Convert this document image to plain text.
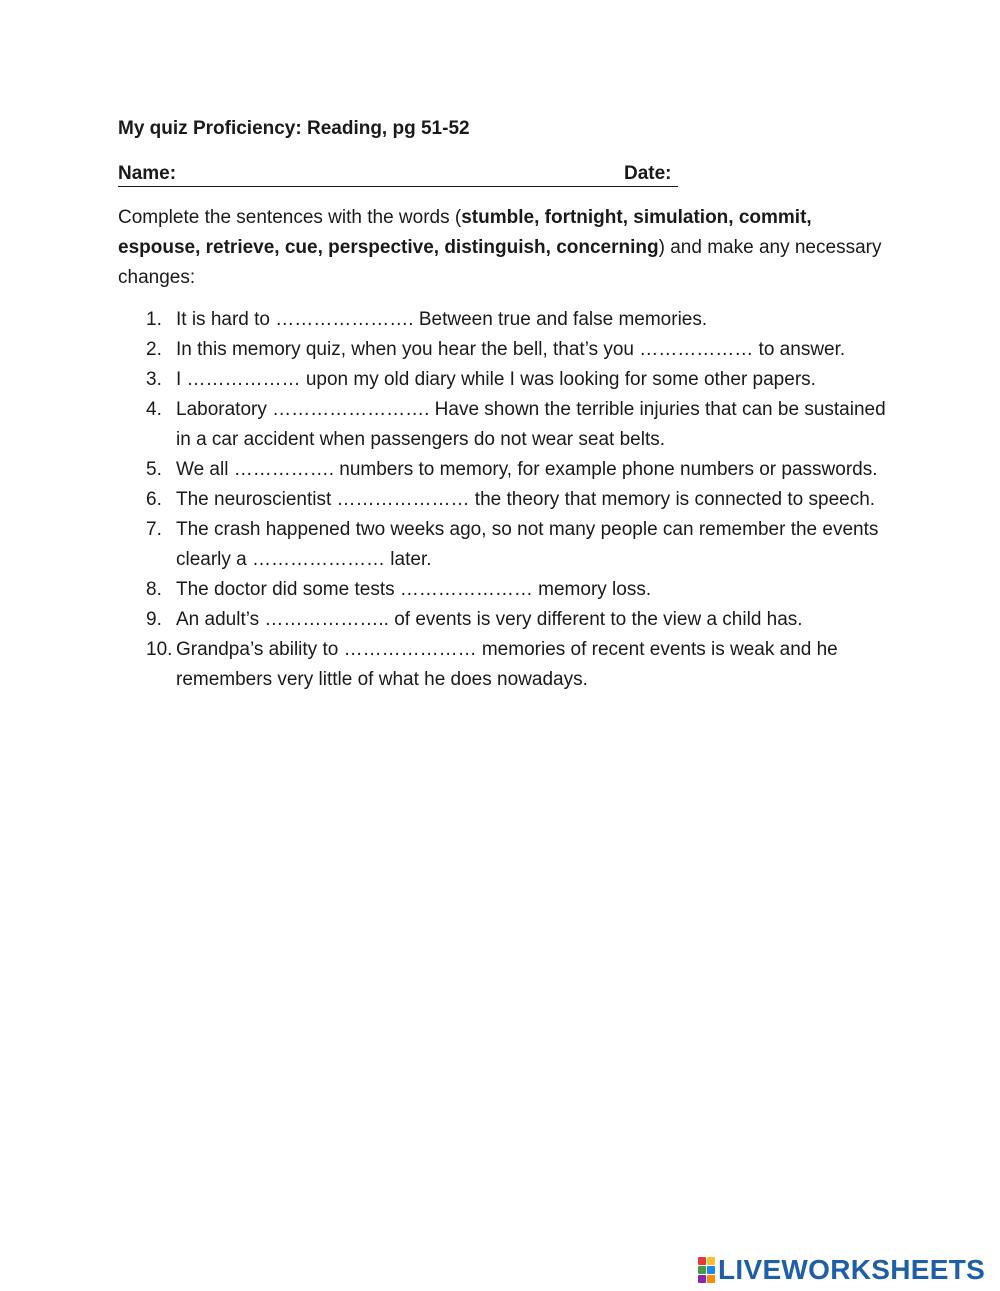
My quiz Proficiency: Reading, pg 51-52
Name:	Date:

Complete the sentences with the words (stumble, fortnight, simulation, commit, espouse, retrieve, cue, perspective, distinguish, concerning) and make any necessary changes:

1. It is hard to …………………. Between true and false memories.
2. In this memory quiz, when you hear the bell, that’s you ……………… to answer.
3. I ……………… upon my old diary while I was looking for some other papers.
4. Laboratory ……………………. Have shown the terrible injuries that can be sustained in a car accident when passengers do not wear seat belts.
5. We all ……………. numbers to memory, for example phone numbers or passwords.
6. The neuroscientist ………………… the theory that memory is connected to speech.
7. The crash happened two weeks ago, so not many people can remember the events clearly a ………………… later.
8. The doctor did some tests ………………… memory loss.
9. An adult’s ……………….. of events is very different to the view a child has.
10. Grandpa’s ability to ………………… memories of recent events is weak and he remembers very little of what he does nowadays.
LIVEWORKSHEETS
